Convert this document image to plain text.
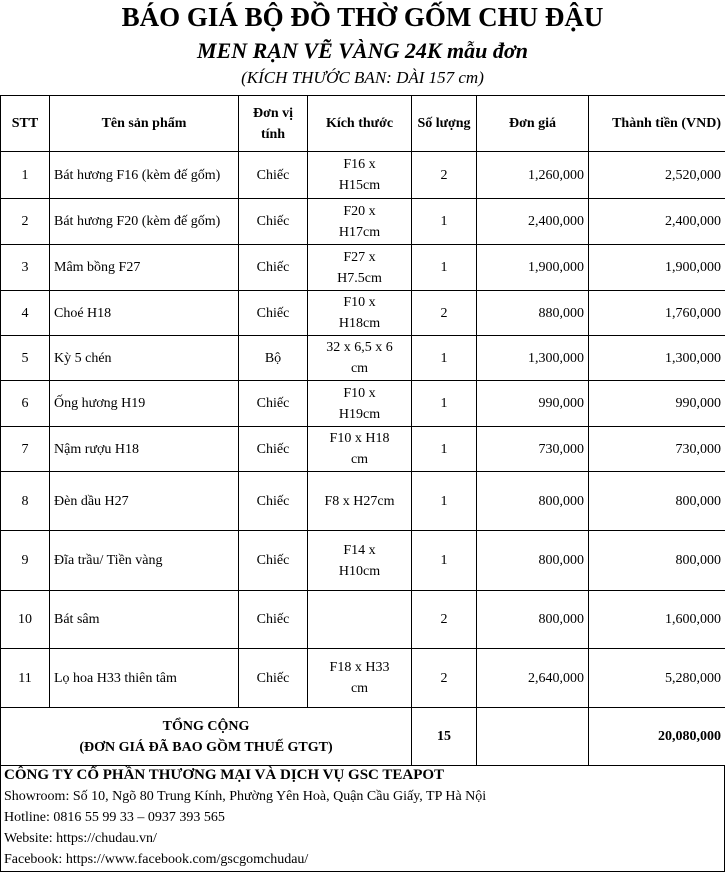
BÁO GIÁ BỘ ĐỒ THỜ GỐM CHU ĐẬU
MEN RẠN VẼ VÀNG 24K mẫu đơn
(KÍCH THƯỚC BAN: DÀI 157 cm)
STT	Tên sản phẩm	Đơn vị tính	Kích thước	Số lượng	Đơn giá	Thành tiền (VND)
1	Bát hương F16 (kèm đế gốm)	Chiếc	F16 x H15cm	2	1,260,000	2,520,000
2	Bát hương F20 (kèm đế gốm)	Chiếc	F20 x H17cm	1	2,400,000	2,400,000
3	Mâm bồng F27	Chiếc	F27 x H7.5cm	1	1,900,000	1,900,000
4	Choé H18	Chiếc	F10 x H18cm	2	880,000	1,760,000
5	Kỳ 5 chén	Bộ	32 x 6,5 x 6 cm	1	1,300,000	1,300,000
6	Ống hương H19	Chiếc	F10 x H19cm	1	990,000	990,000
7	Nậm rượu H18	Chiếc	F10 x H18 cm	1	730,000	730,000
8	Đèn dầu H27	Chiếc	F8 x H27cm	1	800,000	800,000
9	Đĩa trầu/ Tiền vàng	Chiếc	F14 x H10cm	1	800,000	800,000
10	Bát sâm	Chiếc		2	800,000	1,600,000
11	Lọ hoa H33 thiên tâm	Chiếc	F18 x H33 cm	2	2,640,000	5,280,000

TỔNG CỘNG
(ĐƠN GIÁ ĐÃ BAO GỒM THUẾ GTGT)				15		20,080,000
CÔNG TY CỔ PHẦN THƯƠNG MẠI VÀ DỊCH VỤ GSC TEAPOT
Showroom: Số 10, Ngõ 80 Trung Kính, Phường Yên Hoà, Quận Cầu Giấy, TP Hà Nội
Hotline: 0816 55 99 33 – 0937 393 565
Website: https://chudau.vn/
Facebook: https://www.facebook.com/gscgomchudau/
